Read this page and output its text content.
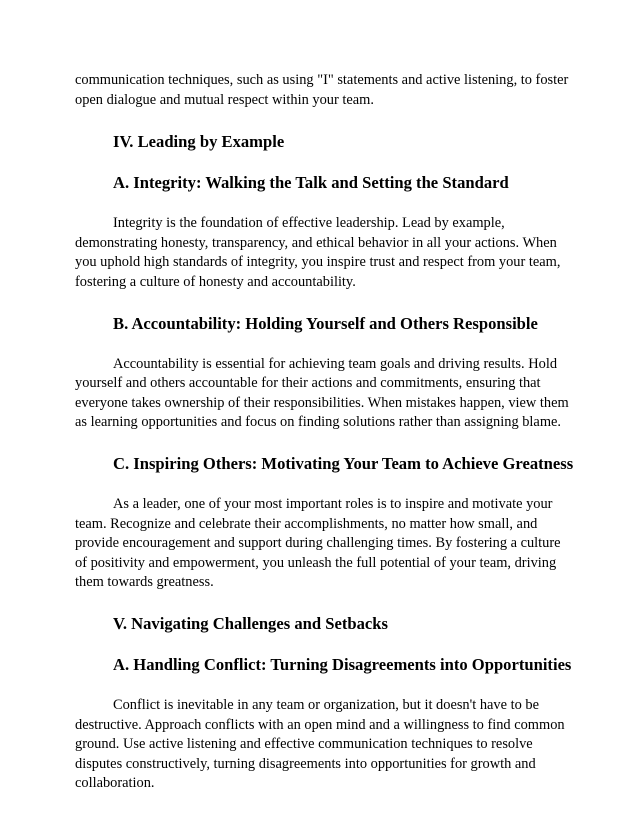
communication techniques, such as using "I" statements and active listening, to foster open dialogue and mutual respect within your team.

IV. Leading by Example
A. Integrity: Walking the Talk and Setting the Standard

Integrity is the foundation of effective leadership. Lead by example, demonstrating honesty, transparency, and ethical behavior in all your actions. When you uphold high standards of integrity, you inspire trust and respect from your team, fostering a culture of honesty and accountability.

B. Accountability: Holding Yourself and Others Responsible

Accountability is essential for achieving team goals and driving results. Hold yourself and others accountable for their actions and commitments, ensuring that everyone takes ownership of their responsibilities. When mistakes happen, view them as learning opportunities and focus on finding solutions rather than assigning blame.

C. Inspiring Others: Motivating Your Team to Achieve Greatness

As a leader, one of your most important roles is to inspire and motivate your team. Recognize and celebrate their accomplishments, no matter how small, and provide encouragement and support during challenging times. By fostering a culture of positivity and empowerment, you unleash the full potential of your team, driving them towards greatness.

V. Navigating Challenges and Setbacks
A. Handling Conflict: Turning Disagreements into Opportunities

Conflict is inevitable in any team or organization, but it doesn't have to be destructive. Approach conflicts with an open mind and a willingness to find common ground. Use active listening and effective communication techniques to resolve disputes constructively, turning disagreements into opportunities for growth and collaboration.
